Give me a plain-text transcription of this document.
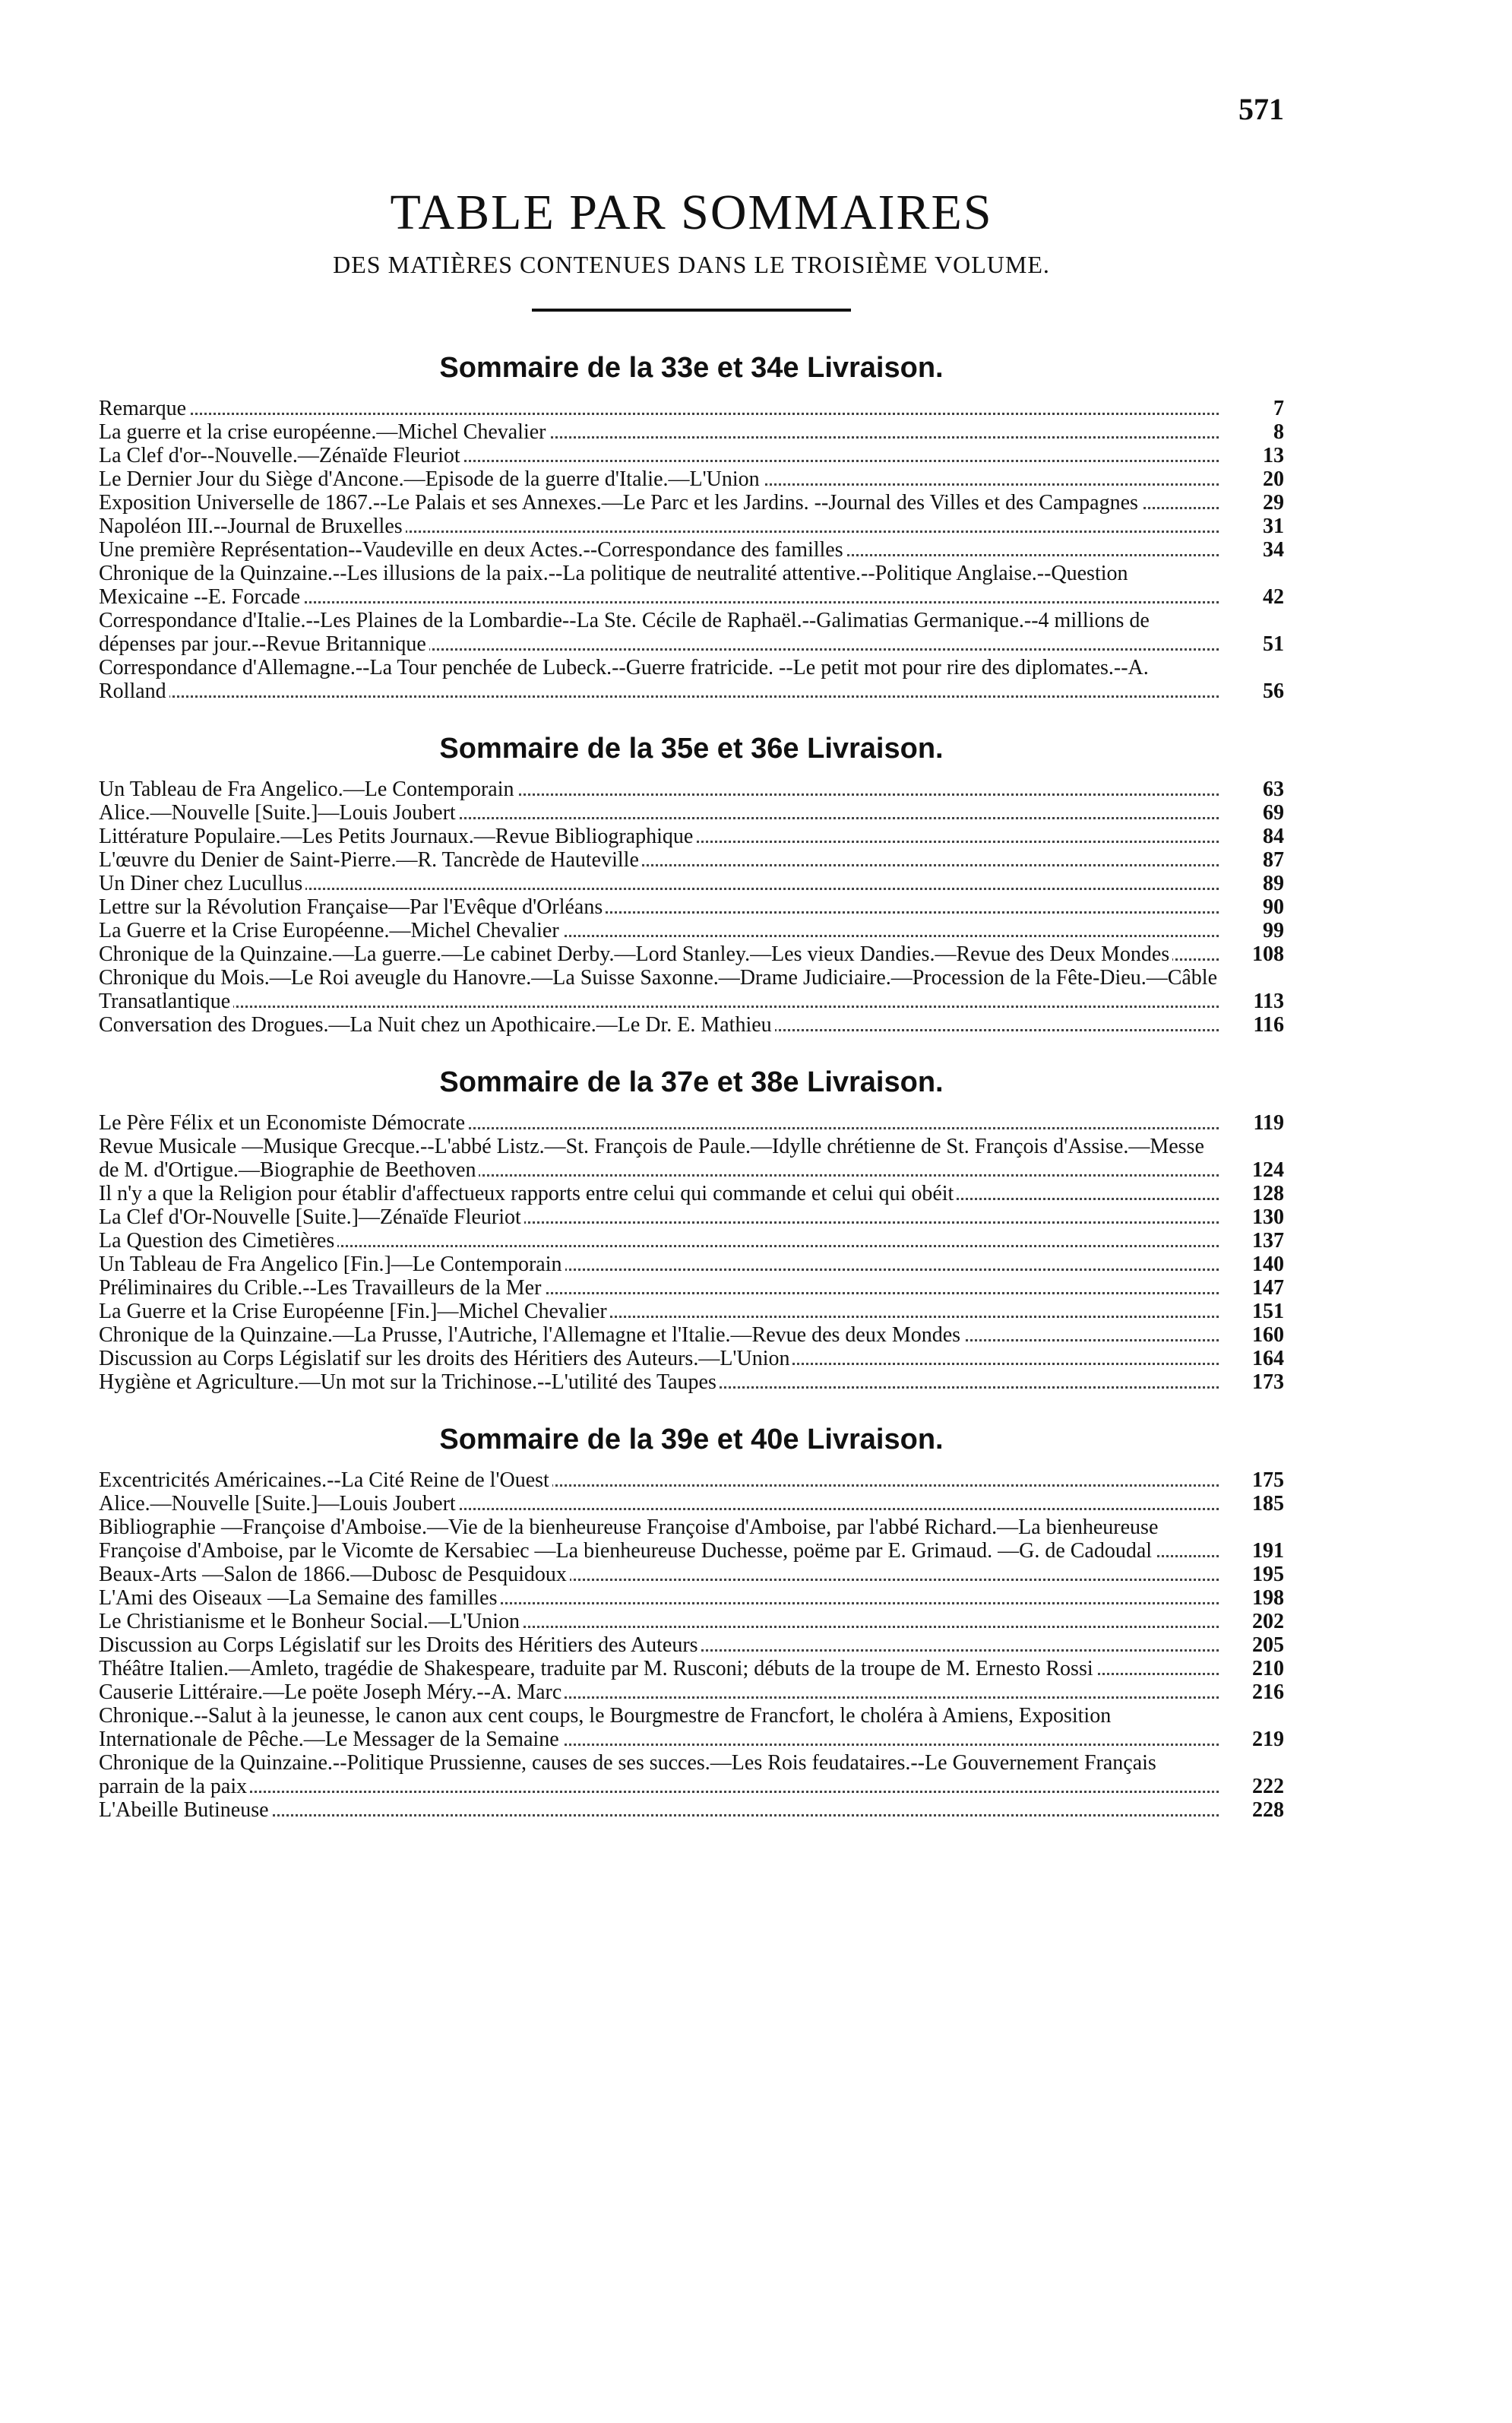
571
TABLE PAR SOMMAIRES
DES MATIÈRES CONTENUES DANS LE TROISIÈME VOLUME.
Sommaire de la 33e et 34e Livraison.
Remarque	7
La guerre et la crise européenne.—Michel Chevalier	8
La Clef d'or--Nouvelle.—Zénaïde Fleuriot	13
Le Dernier Jour du Siège d'Ancone.—Episode de la guerre d'Italie.—L'Union	20
Exposition Universelle de 1867.--Le Palais et ses Annexes.—Le Parc et les Jardins. --Journal des Villes et des Campagnes	29
Napoléon III.--Journal de Bruxelles	31
Une première Représentation--Vaudeville en deux Actes.--Correspondance des familles	34
Chronique de la Quinzaine.--Les illusions de la paix.--La politique de neutralité attentive.--Politique Anglaise.--Question Mexicaine --E. Forcade	42
Correspondance d'Italie.--Les Plaines de la Lombardie--La Ste. Cécile de Raphaël.--Galimatias Germanique.--4 millions de dépenses par jour.--Revue Britannique	51
Correspondance d'Allemagne.--La Tour penchée de Lubeck.--Guerre fratricide. --Le petit mot pour rire des diplomates.--A. Rolland	56
Sommaire de la 35e et 36e Livraison.
Un Tableau de Fra Angelico.—Le Contemporain	63
Alice.—Nouvelle [Suite.]—Louis Joubert	69
Littérature Populaire.—Les Petits Journaux.—Revue Bibliographique	84
L'œuvre du Denier de Saint-Pierre.—R. Tancrède de Hauteville	87
Un Diner chez Lucullus	89
Lettre sur la Révolution Française—Par l'Evêque d'Orléans	90
La Guerre et la Crise Européenne.—Michel Chevalier	99
Chronique de la Quinzaine.—La guerre.—Le cabinet Derby.—Lord Stanley.—Les vieux Dandies.—Revue des Deux Mondes	108
Chronique du Mois.—Le Roi aveugle du Hanovre.—La Suisse Saxonne.—Drame Judiciaire.—Procession de la Fête-Dieu.—Câble Transatlantique	113
Conversation des Drogues.—La Nuit chez un Apothicaire.—Le Dr. E. Mathieu	116
Sommaire de la 37e et 38e Livraison.
Le Père Félix et un Economiste Démocrate	119
Revue Musicale —Musique Grecque.--L'abbé Listz.—St. François de Paule.—Idylle chrétienne de St. François d'Assise.—Messe de M. d'Ortigue.—Biographie de Beethoven	124
Il n'y a que la Religion pour établir d'affectueux rapports entre celui qui commande et celui qui obéit	128
La Clef d'Or-Nouvelle [Suite.]—Zénaïde Fleuriot	130
La Question des Cimetières	137
Un Tableau de Fra Angelico [Fin.]—Le Contemporain	140
Préliminaires du Crible.--Les Travailleurs de la Mer	147
La Guerre et la Crise Européenne [Fin.]—Michel Chevalier	151
Chronique de la Quinzaine.—La Prusse, l'Autriche, l'Allemagne et l'Italie.—Revue des deux Mondes	160
Discussion au Corps Législatif sur les droits des Héritiers des Auteurs.—L'Union	164
Hygiène et Agriculture.—Un mot sur la Trichinose.--L'utilité des Taupes	173
Sommaire de la 39e et 40e Livraison.
Excentricités Américaines.--La Cité Reine de l'Ouest	175
Alice.—Nouvelle [Suite.]—Louis Joubert	185
Bibliographie —Françoise d'Amboise.—Vie de la bienheureuse Françoise d'Amboise, par l'abbé Richard.—La bienheureuse Françoise d'Amboise, par le Vicomte de Kersabiec —La bienheureuse Duchesse, poëme par E. Grimaud. —G. de Cadoudal	191
Beaux-Arts —Salon de 1866.—Dubosc de Pesquidoux	195
L'Ami des Oiseaux —La Semaine des familles	198
Le Christianisme et le Bonheur Social.—L'Union	202
Discussion au Corps Législatif sur les Droits des Héritiers des Auteurs	205
Théâtre Italien.—Amleto, tragédie de Shakespeare, traduite par M. Rusconi; débuts de la troupe de M. Ernesto Rossi	210
Causerie Littéraire.—Le poëte Joseph Méry.--A. Marc	216
Chronique.--Salut à la jeunesse, le canon aux cent coups, le Bourgmestre de Francfort, le choléra à Amiens, Exposition Internationale de Pêche.—Le Messager de la Semaine	219
Chronique de la Quinzaine.--Politique Prussienne, causes de ses succes.—Les Rois feudataires.--Le Gouvernement Français parrain de la paix	222
L'Abeille Butineuse	228
